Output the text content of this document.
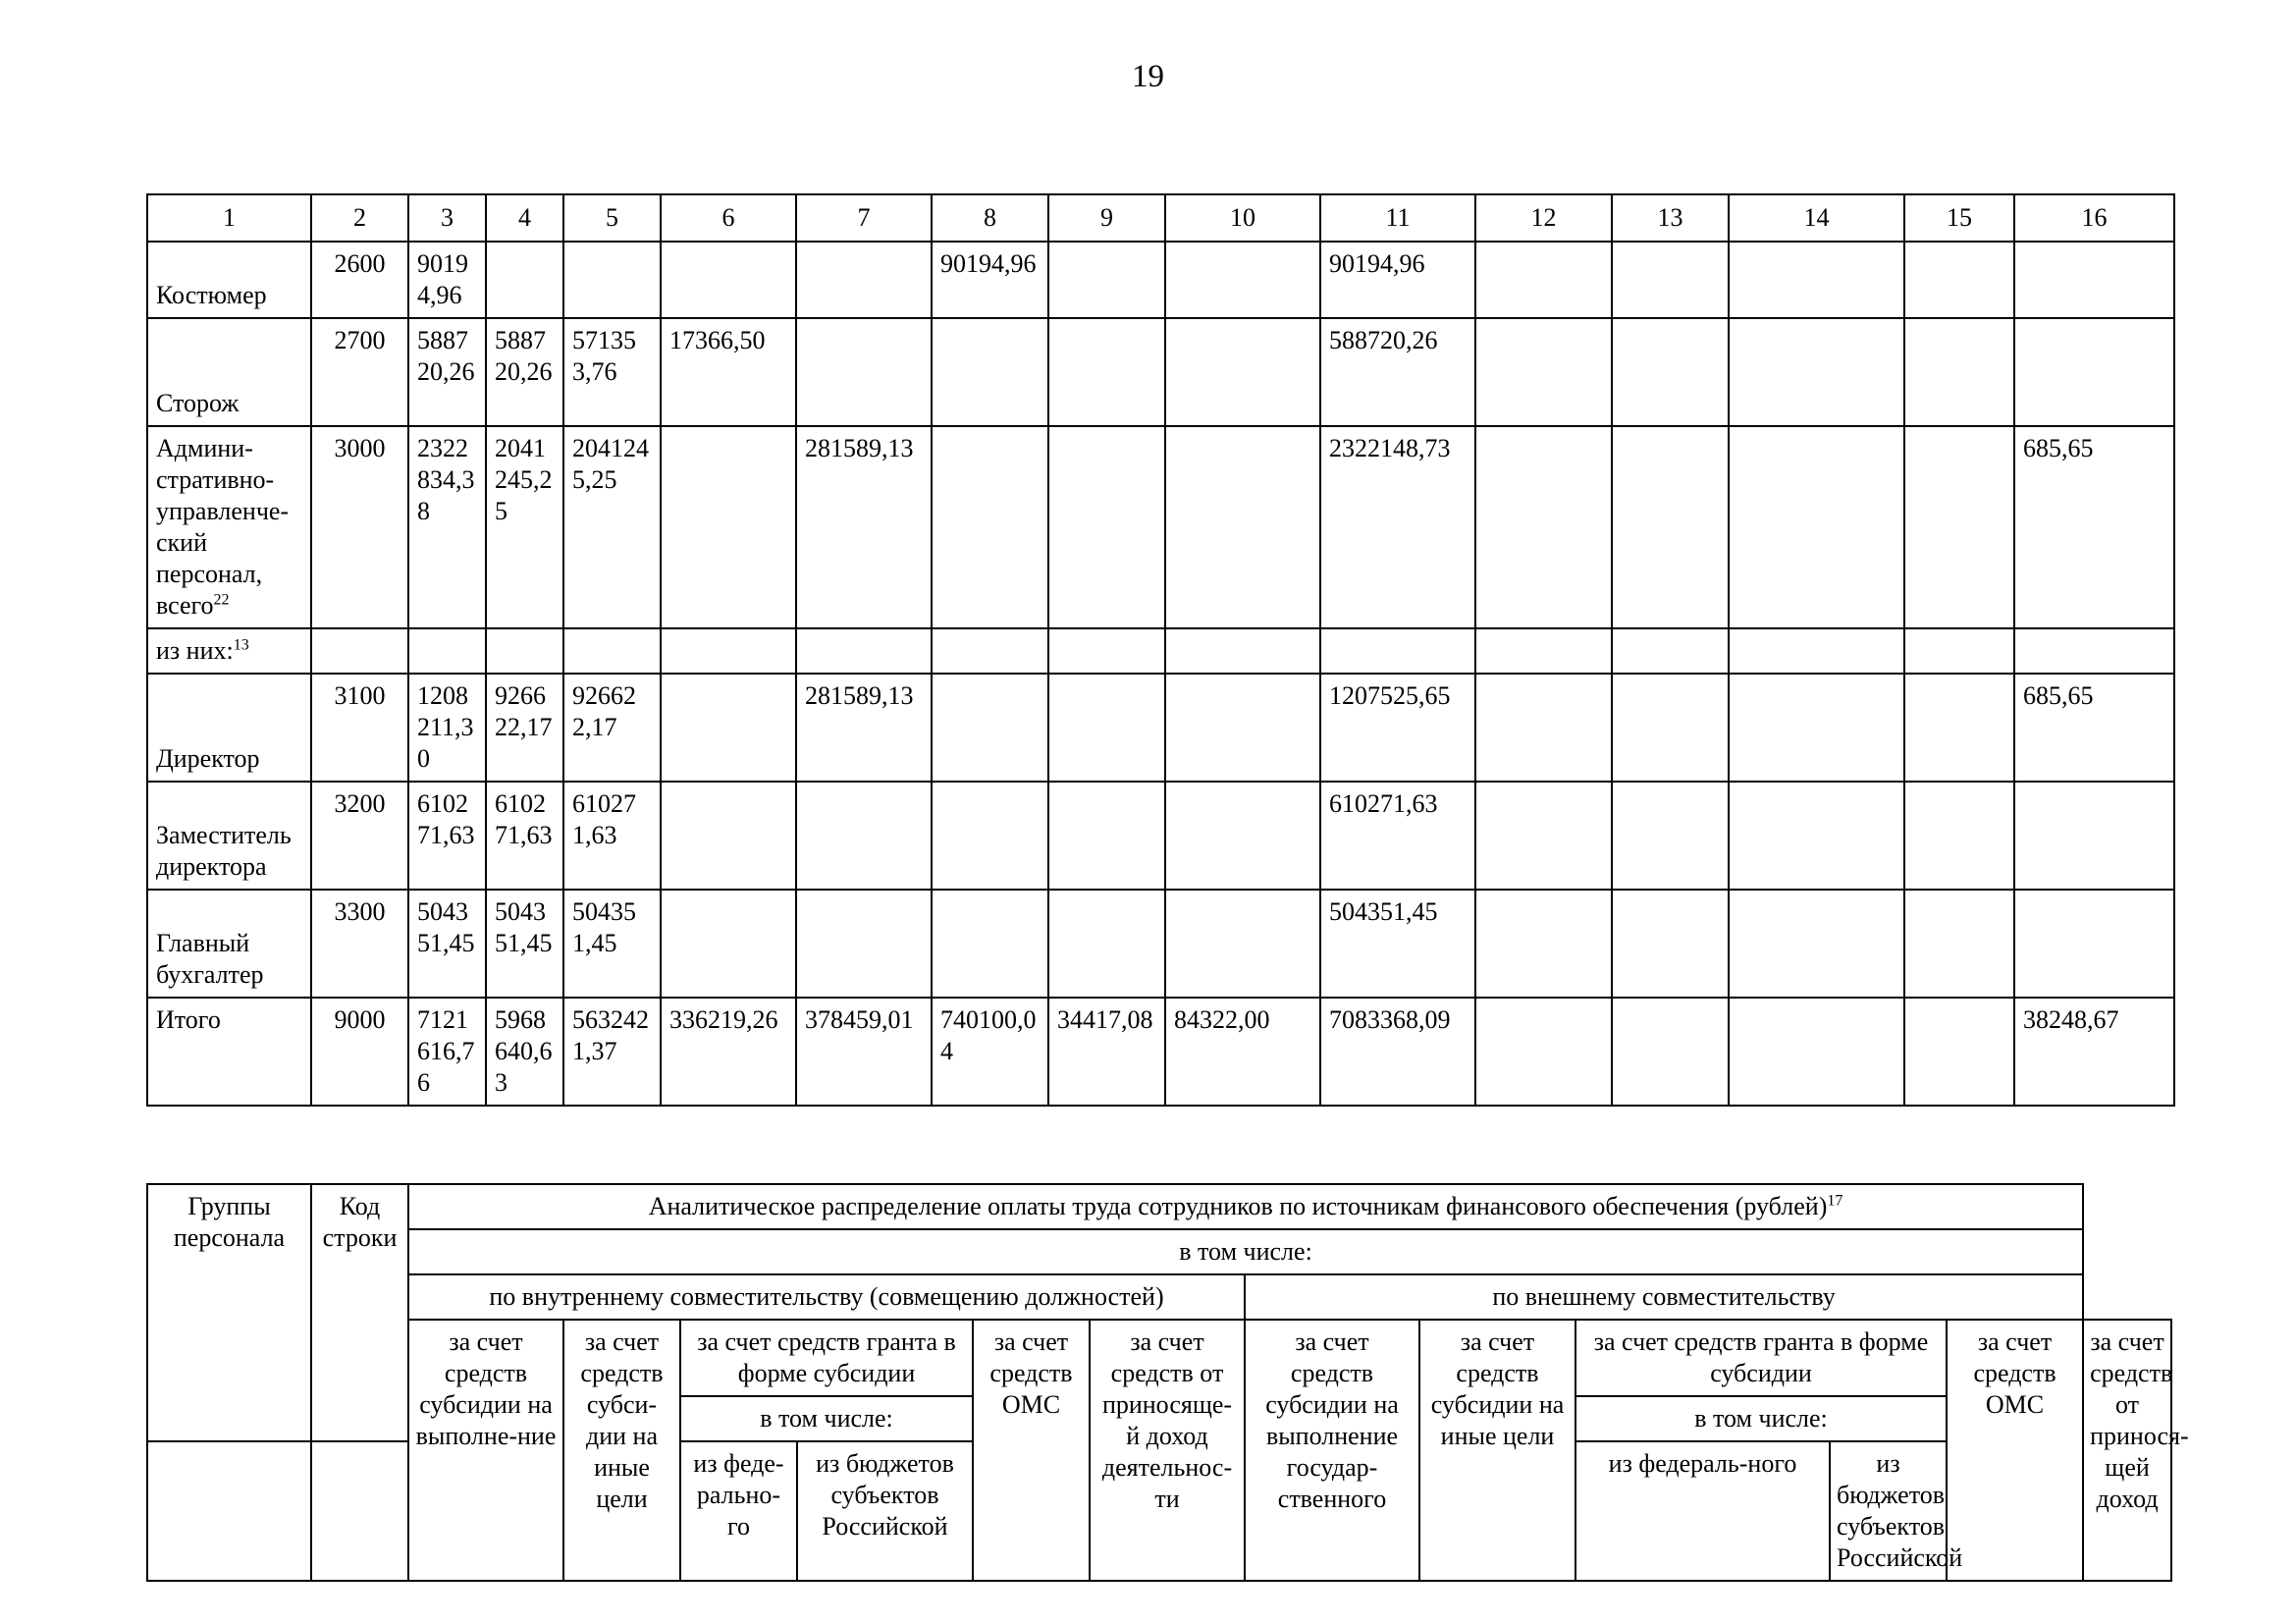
19
1	2	3	4	5	6	7	8	9	10	11	12	13	14	15	16
Костюмер	2600	90194,96					90194,96			90194,96					
Сторож	2700	588720,26	588720,26	571353,76	17366,50					588720,26					
Админи-стративно-управленче-ский персонал, всего$^{22}$	3000	2322834,38	2041245,25	2041245,25		281589,13				2322148,73					685,65
из них:$^{13}$															
Директор	3100	1208211,30	926622,17	926622,17		281589,13				1207525,65					685,65
Заместитель директора	3200	610271,63	610271,63	610271,63						610271,63					
Главный бухгалтер	3300	504351,45	504351,45	504351,45						504351,45					
Итого	9000	7121616,76	5968640,63	5632421,37	336219,26	378459,01	740100,04	34417,08	84322,00	7083368,09					38248,67
Группы персонала	Код строки	Аналитическое распределение оплаты труда сотрудников по источникам финансового обеспечения (рублей)$^{17}$
		в том числе:											
		по внутреннему совместительству (совмещению должностей)						по внешнему совместительству					
		за счет средств субсидии на выполне-ние	за счет средств субси-дии на иные цели	за счет средств гранта в форме субсидии		за счет средств ОМС	за счет средств от приносяще-й доход деятельнос-ти	за счет средств субсидии на выполнение государ-ственного	за счет средств субсидии на иные цели	за счет средств гранта в форме субсидии		за счет средств ОМС	за счет средств от принося-щей доход
				в том числе:						в том числе:			
				из феде-рально-го	из бюджетов субъектов Российской					из федераль-ного	из бюджетов субъектов Российской		
